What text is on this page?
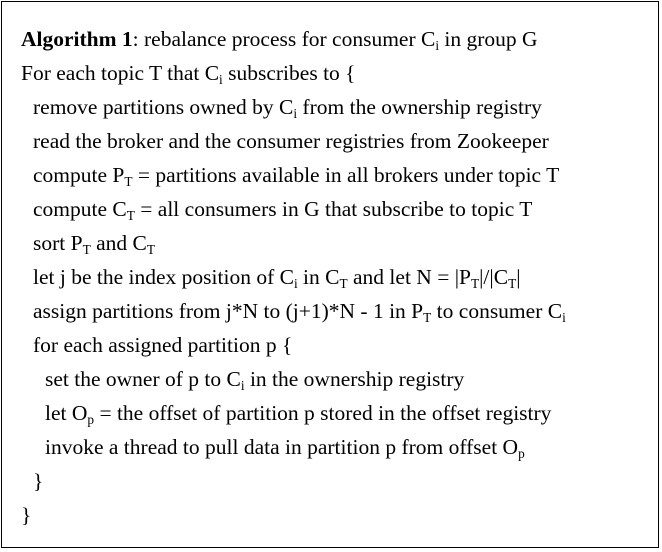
Algorithm 1: rebalance process for consumer $C_i$ in group G
For each topic T that $C_i$ subscribes to {
remove partitions owned by $C_i$ from the ownership registry
read the broker and the consumer registries from Zookeeper
compute $P_T$ = partitions available in all brokers under topic T
compute $C_T$ = all consumers in G that subscribe to topic T
sort $P_T$ and $C_T$
let j be the index position of $C_i$ in $C_T$ and let $N = |P_T|/|C_T|$
assign partitions from j*N to (j+1)*N - 1 in $P_T$ to consumer $C_i$
for each assigned partition p {
set the owner of p to $C_i$ in the ownership registry
let $O_p$ = the offset of partition p stored in the offset registry
invoke a thread to pull data in partition p from offset $O_p$
}
}
